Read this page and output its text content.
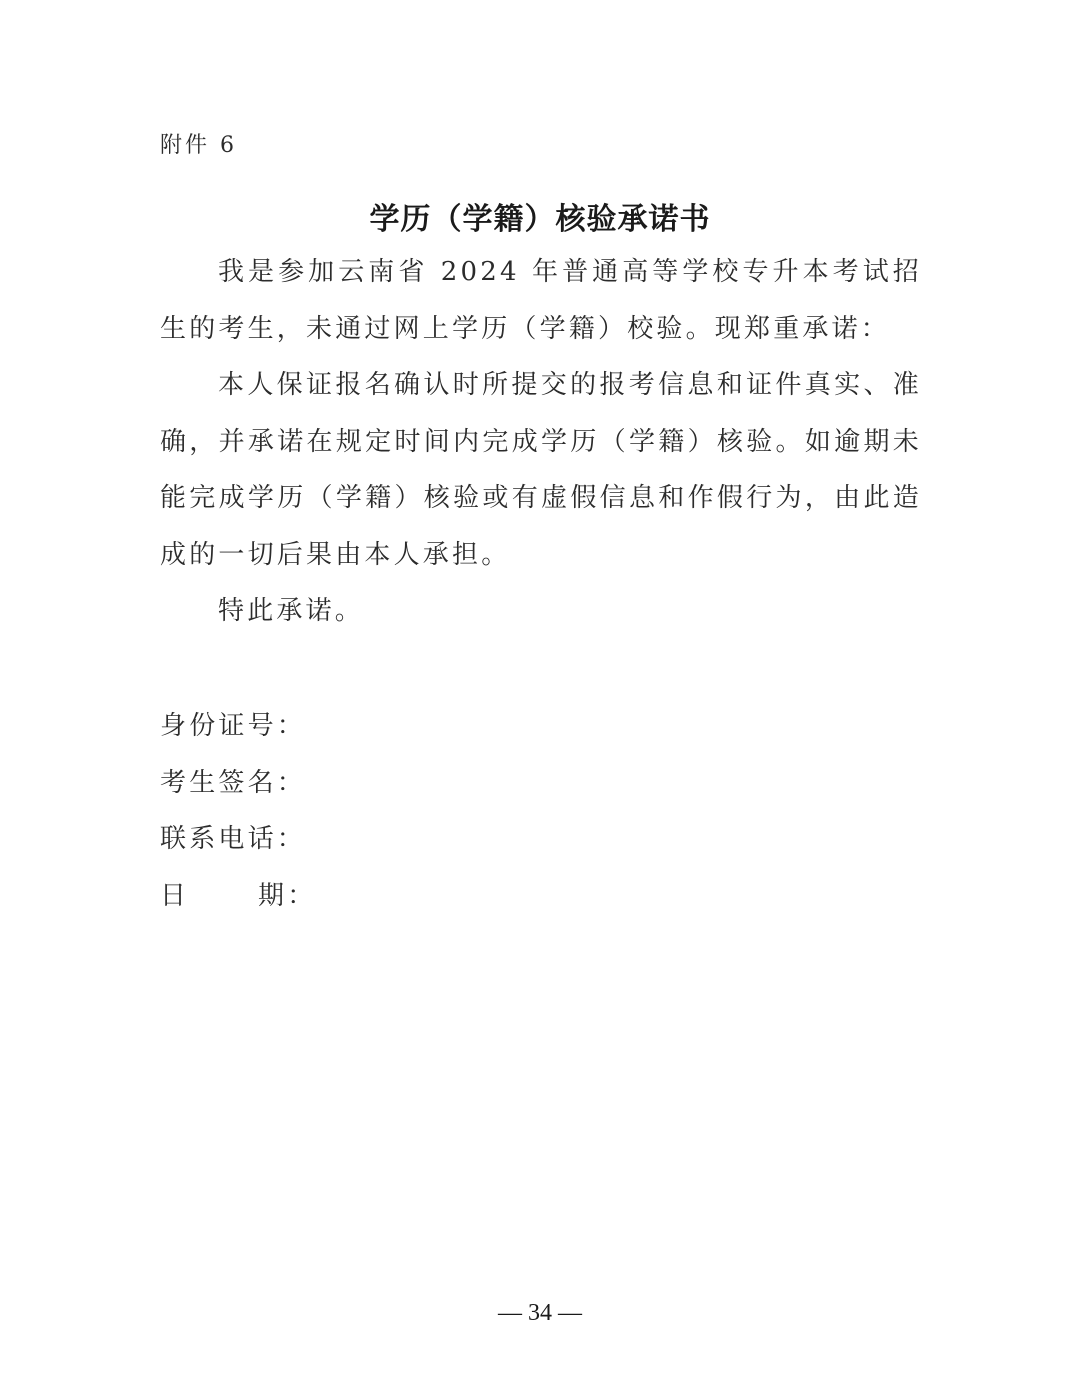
附件 6
学历（学籍）核验承诺书

我是参加云南省 2024 年普通高等学校专升本考试招生的考生，未通过网上学历（学籍）校验。现郑重承诺：

本人保证报名确认时所提交的报考信息和证件真实、准确，并承诺在规定时间内完成学历（学籍）核验。如逾期未能完成学历（学籍）核验或有虚假信息和作假行为，由此造成的一切后果由本人承担。

特此承诺。

身份证号：
考生签名：
联系电话：
日      期：
— 34 —
